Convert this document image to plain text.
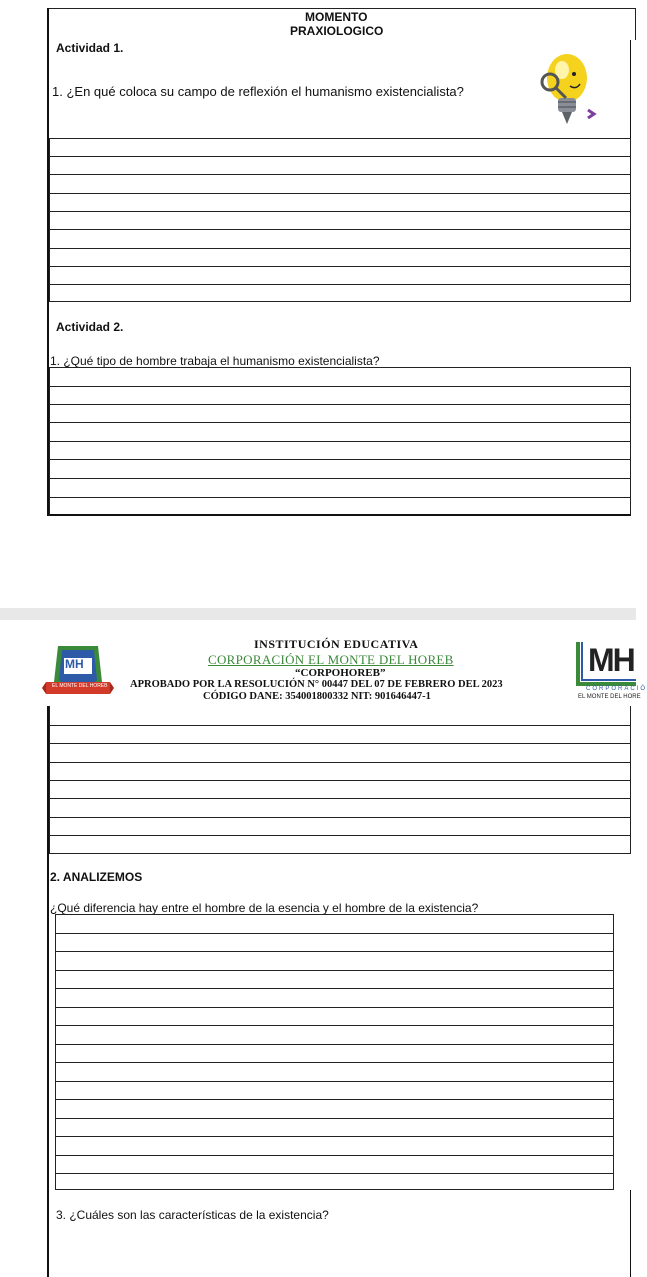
MOMENTO
PRAXIOLOGICO
Actividad 1.
1. ¿En qué coloca su campo de reflexión el humanismo existencialista?
Actividad 2.
1. ¿Qué tipo de hombre trabaja el humanismo existencialista?
MH
EL MONTE DEL HOREB
INSTITUCIÓN EDUCATIVA
CORPORACIÓN EL MONTE DEL HOREB
“CORPOHOREB”
APROBADO POR LA RESOLUCIÓN N° 00447 DEL 07 DE FEBRERO DEL 2023
CÓDIGO DANE: 354001800332 NIT: 901646447-1
MH
CORPORACIÓ
EL MONTE DEL HORE
2. ANALIZEMOS
¿Qué diferencia hay entre el hombre de la esencia y el hombre de la existencia?
3. ¿Cuáles son las características de la existencia?
